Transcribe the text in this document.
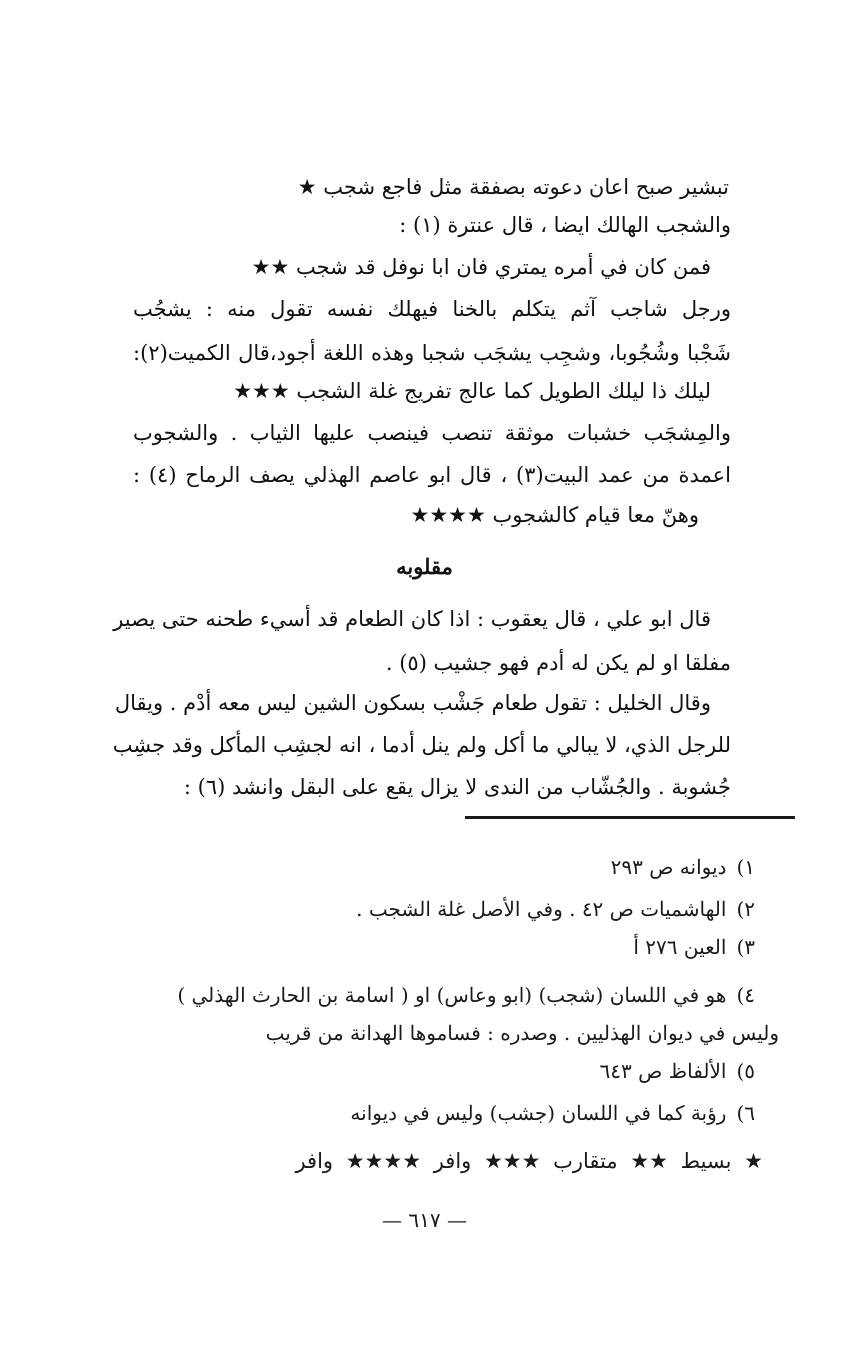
تبشير صبح اعان دعوته بصفقة مثل فاجع شجب ★
والشجب الهالك ايضا ، قال عنترة (١) :
فمن كان في أمره يمتري فان ابا نوفل قد شجب ★★
ورجل شاجب آثم يتكلم بالخنا فيهلك نفسه تقول منه : يشجُب
شَجْبا وشُجُوبا، وشجِب يشجَب شجبا وهذه اللغة أجود،قال الكميت(٢):
ليلك ذا ليلك الطويل كما عالج تفريج غلة الشجب ★★★
والمِشجَب خشبات موثقة تنصب فينصب عليها الثياب . والشجوب
اعمدة من عمد البيت(٣) ، قال ابو عاصم الهذلي يصف الرماح (٤) :
وهنّ معا قيام كالشجوب ★★★★
مقلوبه
قال ابو علي ، قال يعقوب : اذا كان الطعام قد أسيء طحنه حتى يصير
مفلقا او لم يكن له أدم فهو جشيب (٥) .
وقال الخليل : تقول طعام جَشْب بسكون الشين ليس معه أدْم . ويقال
للرجل الذي، لا يبالي ما أكل ولم ينل أدما ، انه لجشِب المأكل وقد جشِب
جُشوبة . والجُشّاب من الندى لا يزال يقع على البقل وانشد (٦) :
١)ديوانه ص ٢٩٣
٢)الهاشميات ص ٤٢ . وفي الأصل غلة الشجب .
٣)العين ٢٧٦ أ
٤)هو في اللسان (شجب) (ابو وعاس) او ( اسامة بن الحارث الهذلي )
وليس في ديوان الهذليين . وصدره : فساموها الهدانة من قريب
٥)الألفاظ ص ٦٤٣
٦)رؤبة كما في اللسان (جشب) وليس في ديوانه
★ بسيط ★★ متقارب ★★★ وافر ★★★★ وافر
— ٦١٧ —
